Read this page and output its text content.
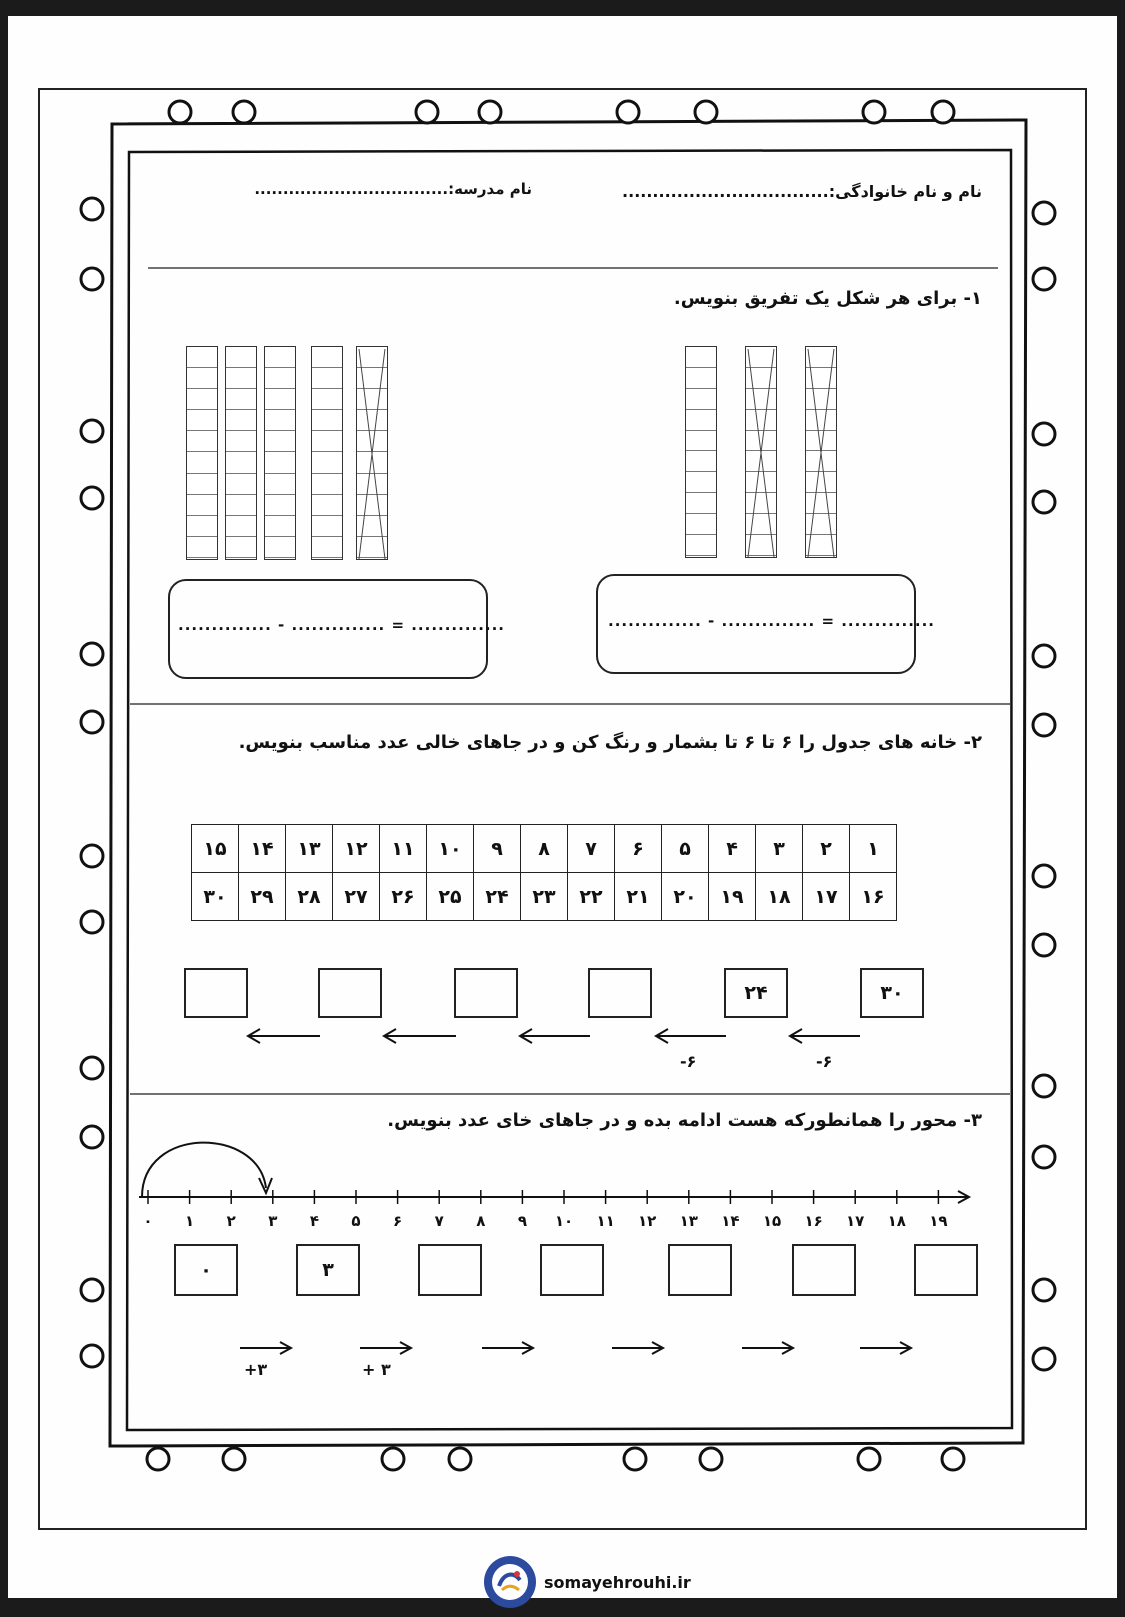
نام و نام خانوادگی:..................................
نام مدرسه:..................................
۱- برای هر شکل یک تفریق بنویس.
.............. - .............. = ..............	.............. - .............. = ..............
۲- خانه های جدول را ۶ تا ۶ تا بشمار و رنگ کن و در جاهای خالی عدد مناسب بنویس.
۱	۲	۳	۴	۵	۶	۷	۸	۹	۱۰	۱۱	۱۲	۱۳	۱۴	۱۵
۱۶	۱۷	۱۸	۱۹	۲۰	۲۱	۲۲	۲۳	۲۴	۲۵	۲۶	۲۷	۲۸	۲۹	۳۰
۳۰
۲۴
-۶
-۶
۳- محور را همانطورکه هست ادامه بده و در جاهای خای عدد بنویس.
۰	۱	۲	۳	۴	۵	۶	۷	۸	۹	۱۰ ۱۱ ۱۲ ۱۳ ۱۴ ۱۵ ۱۶ ۱۷ ۱۸ ۱۹
۰	۳
+۳	+ ۳
somayehrouhi.ir
